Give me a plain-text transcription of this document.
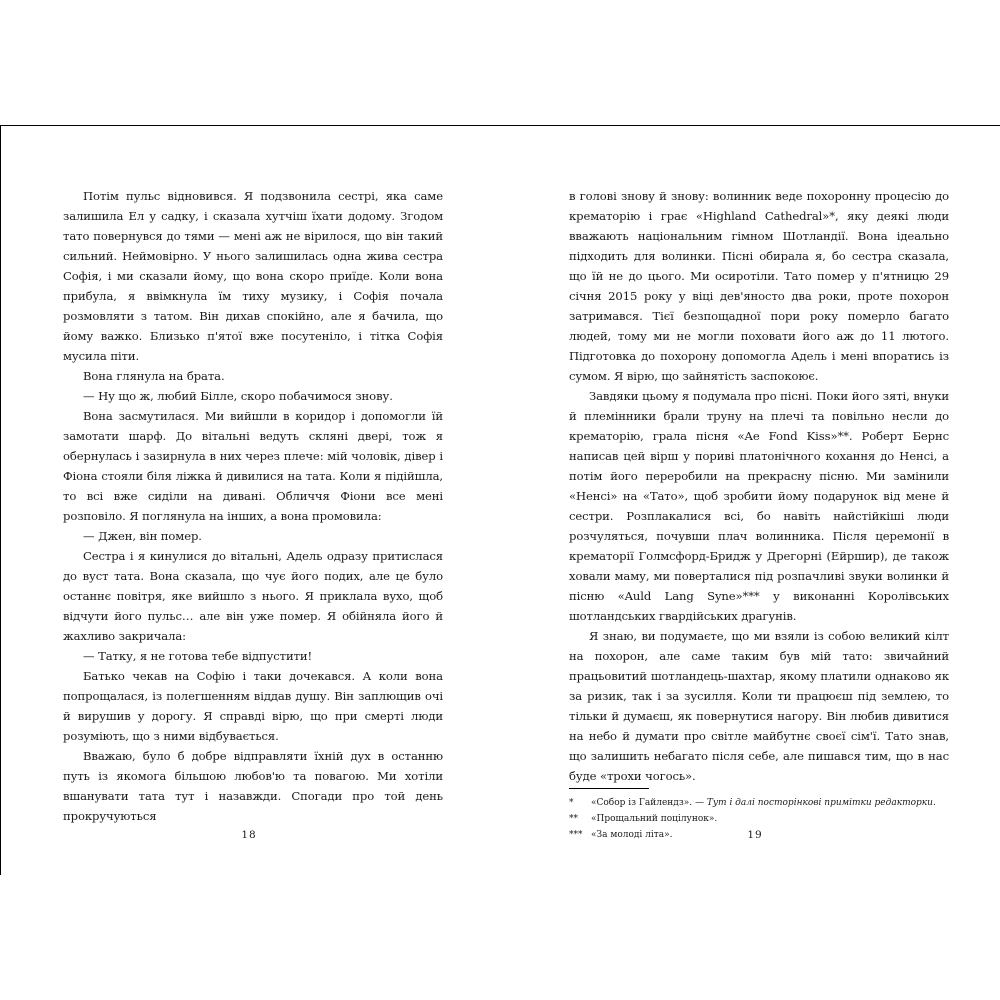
Потім пульс відновився. Я подзвонила сестрі, яка саме залишила Ел у садку, і сказала хутчіш їхати додому. Згодом тато повернувся до тями — мені аж не вірилося, що він такий сильний. Неймовірно. У нього залишилась одна жива сестра Софія, і ми сказали йому, що вона скоро приїде. Коли вона прибула, я ввімкнула їм тиху музику, і Софія почала розмовляти з татом. Він дихав спокійно, але я бачила, що йому важко. Близько п'ятої вже посутеніло, і тітка Софія мусила піти.

Вона глянула на брата.

— Ну що ж, любий Білле, скоро побачимося знову.

Вона засмутилася. Ми вийшли в коридор і допомогли їй замотати шарф. До вітальні ведуть скляні двері, тож я обернулась і зазирнула в них через плече: мій чоловік, дівер і Фіона стояли біля ліжка й дивилися на тата. Коли я підійшла, то всі вже сиділи на дивані. Обличчя Фіони все мені розповіло. Я поглянула на інших, а вона промовила:

— Джен, він помер.

Сестра і я кинулися до вітальні, Адель одразу притислася до вуст тата. Вона сказала, що чує його подих, але це було останнє повітря, яке вийшло з нього. Я приклала вухо, щоб відчути його пульс… але він уже помер. Я обійняла його й жахливо закричала:

— Татку, я не готова тебе відпустити!

Батько чекав на Софію і таки дочекався. А коли вона попрощалася, із полегшенням віддав душу. Він заплющив очі й вирушив у дорогу. Я справді вірю, що при смерті люди розуміють, що з ними відбувається.

Вважаю, було б добре відправляти їхній дух в останню путь із якомога більшою любов'ю та повагою. Ми хотіли вшанувати тата тут і назавжди. Спогади про той день прокручуються

18

в голові знову й знову: волинник веде похоронну процесію до крематорію і грає «Highland Cathedral»*, яку деякі люди вважають національним гімном Шотландії. Вона ідеально підходить для волинки. Пісні обирала я, бо сестра сказала, що їй не до цього. Ми осиротіли. Тато помер у п'ятницю 29 січня 2015 року у віці дев'яносто два роки, проте похорон затримався. Тієї безпощадної пори року померло багато людей, тому ми не могли поховати його аж до 11 лютого. Підготовка до похорону допомогла Адель і мені впоратись із сумом. Я вірю, що зайнятість заспокоює.

Завдяки цьому я подумала про пісні. Поки його зяті, внуки й племінники брали труну на плечі та повільно несли до крематорію, грала пісня «Ae Fond Kiss»**. Роберт Бернс написав цей вірш у пориві платонічного кохання до Ненсі, а потім його переробили на прекрасну пісню. Ми замінили «Ненсі» на «Тато», щоб зробити йому подарунок від мене й сестри. Розплакалися всі, бо навіть найстійкіші люди розчуляться, почувши плач волинника. Після церемонії в крематорії Голмсфорд-Бридж у Дрегорні (Ейршир), де також ховали маму, ми поверталися під розпачливі звуки волинки й пісню «Auld Lang Syne»*** у виконанні Королівських шотландських гвардійських драгунів.

Я знаю, ви подумаєте, що ми взяли із собою великий кілт на похорон, але саме таким був мій тато: звичайний працьовитий шотландець-шахтар, якому платили однаково як за ризик, так і за зусилля. Коли ти працюєш під землею, то тільки й думаєш, як повернутися нагору. Він любив дивитися на небо й думати про світле майбутнє своєї сім'ї. Тато знав, що залишить небагато після себе, але пишався тим, що в нас буде «трохи чогось».

* «Собор із Гайлендз». — Тут і далі посторінкові примітки редакторки.

** «Прощальний поцілунок».

*** «За молоді літа».	19
